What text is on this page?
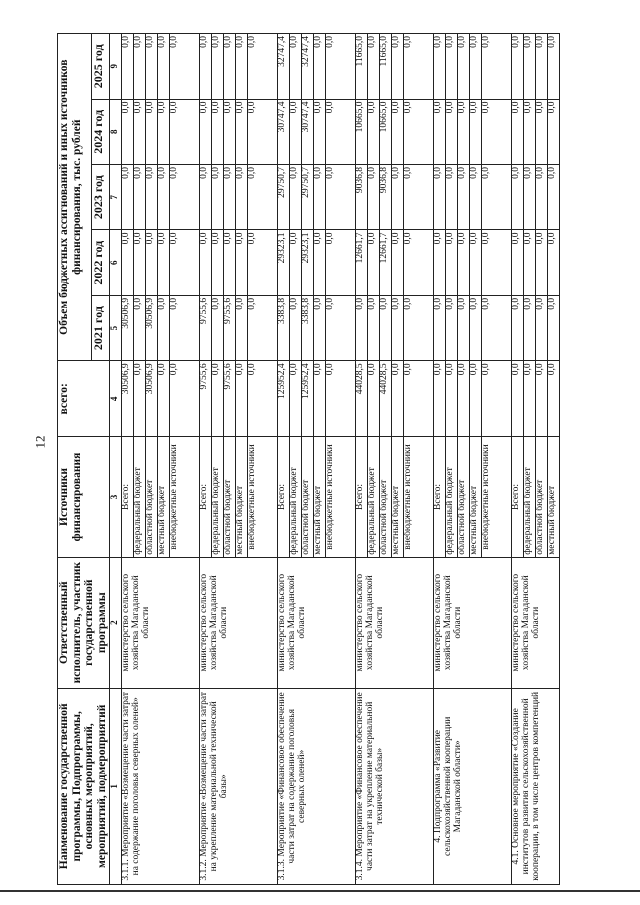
12
Наименование государственной программы, Подпрограммы, основных мероприятий, мероприятий, подмероприятий	Ответственный исполнитель, участник государственной программы	Источники финансирования	всего:	Объем бюджетных ассигнований и иных источников финансирования, тыс. рублей				
				2021 год	2022 год	2023 год	2024 год	2025 год
1	2	3	4	5	6	7	8	9
3.1.1. Мероприятие «Возмещение части затрат на содержание поголовья северных оленей»	министерство сельского хозяйства Магаданской области	Всего:	30506,9	30506,9	0,0	0,0	0,0	0,0
		федеральный бюджет	0,0	0,0	0,0	0,0	0,0	0,0
		областной бюджет	30506,9	30506,9	0,0	0,0	0,0	0,0
		местный бюджет	0,0	0,0	0,0	0,0	0,0	0,0
		внебюджетные источники	0,0	0,0	0,0	0,0	0,0	0,0
3.1.2. Мероприятие «Возмещение части затрат на укрепление материальной технической базы»	министерство сельского хозяйства Магаданской области	Всего:	9755,6	9755,6	0,0	0,0	0,0	0,0
		федеральный бюджет	0,0	0,0	0,0	0,0	0,0	0,0
		областной бюджет	9755,6	9755,6	0,0	0,0	0,0	0,0
		местный бюджет	0,0	0,0	0,0	0,0	0,0	0,0
		внебюджетные источники	0,0	0,0	0,0	0,0	0,0	0,0
3.1.3. Мероприятие «Финансовое обеспечение части затрат на содержание поголовья северных оленей»	министерство сельского хозяйства Магаданской области	Всего:	125952,4	3383,8	29323,1	29750,7	30747,4	32747,4
		федеральный бюджет	0,0	0,0	0,0	0,0	0,0	0,0
		областной бюджет	125952,4	3383,8	29323,1	29750,7	30747,4	32747,4
		местный бюджет	0,0	0,0	0,0	0,0	0,0	0,0
		внебюджетные источники	0,0	0,0	0,0	0,0	0,0	0,0
3.1.4. Мероприятие «Финансовое обеспечение части затрат на укрепление материальной технической базы»	министерство сельского хозяйства Магаданской области	Всего:	44028,5	0,0	12661,7	9036,8	10665,0	11665,0
		федеральный бюджет	0,0	0,0	0,0	0,0	0,0	0,0
		областной бюджет	44028,5	0,0	12661,7	9036,8	10665,0	11665,0
		местный бюджет	0,0	0,0	0,0	0,0	0,0	0,0
		внебюджетные источники	0,0	0,0	0,0	0,0	0,0	0,0
4. Подпрограмма «Развитие сельскохозяйственной кооперации Магаданской области»	министерство сельского хозяйства Магаданской области	Всего:	0,0	0,0	0,0	0,0	0,0	0,0
		федеральный бюджет	0,0	0,0	0,0	0,0	0,0	0,0
		областной бюджет	0,0	0,0	0,0	0,0	0,0	0,0
		местный бюджет	0,0	0,0	0,0	0,0	0,0	0,0
		внебюджетные источники	0,0	0,0	0,0	0,0	0,0	0,0
4.1. Основное мероприятие «Создание институтов развития сельскохозяйственной кооперации, в том числе центров компетенций	министерство сельского хозяйства Магаданской области	Всего:	0,0	0,0	0,0	0,0	0,0	0,0
		федеральный бюджет	0,0	0,0	0,0	0,0	0,0	0,0
		областной бюджет	0,0	0,0	0,0	0,0	0,0	0,0
		местный бюджет	0,0	0,0	0,0	0,0	0,0	0,0
